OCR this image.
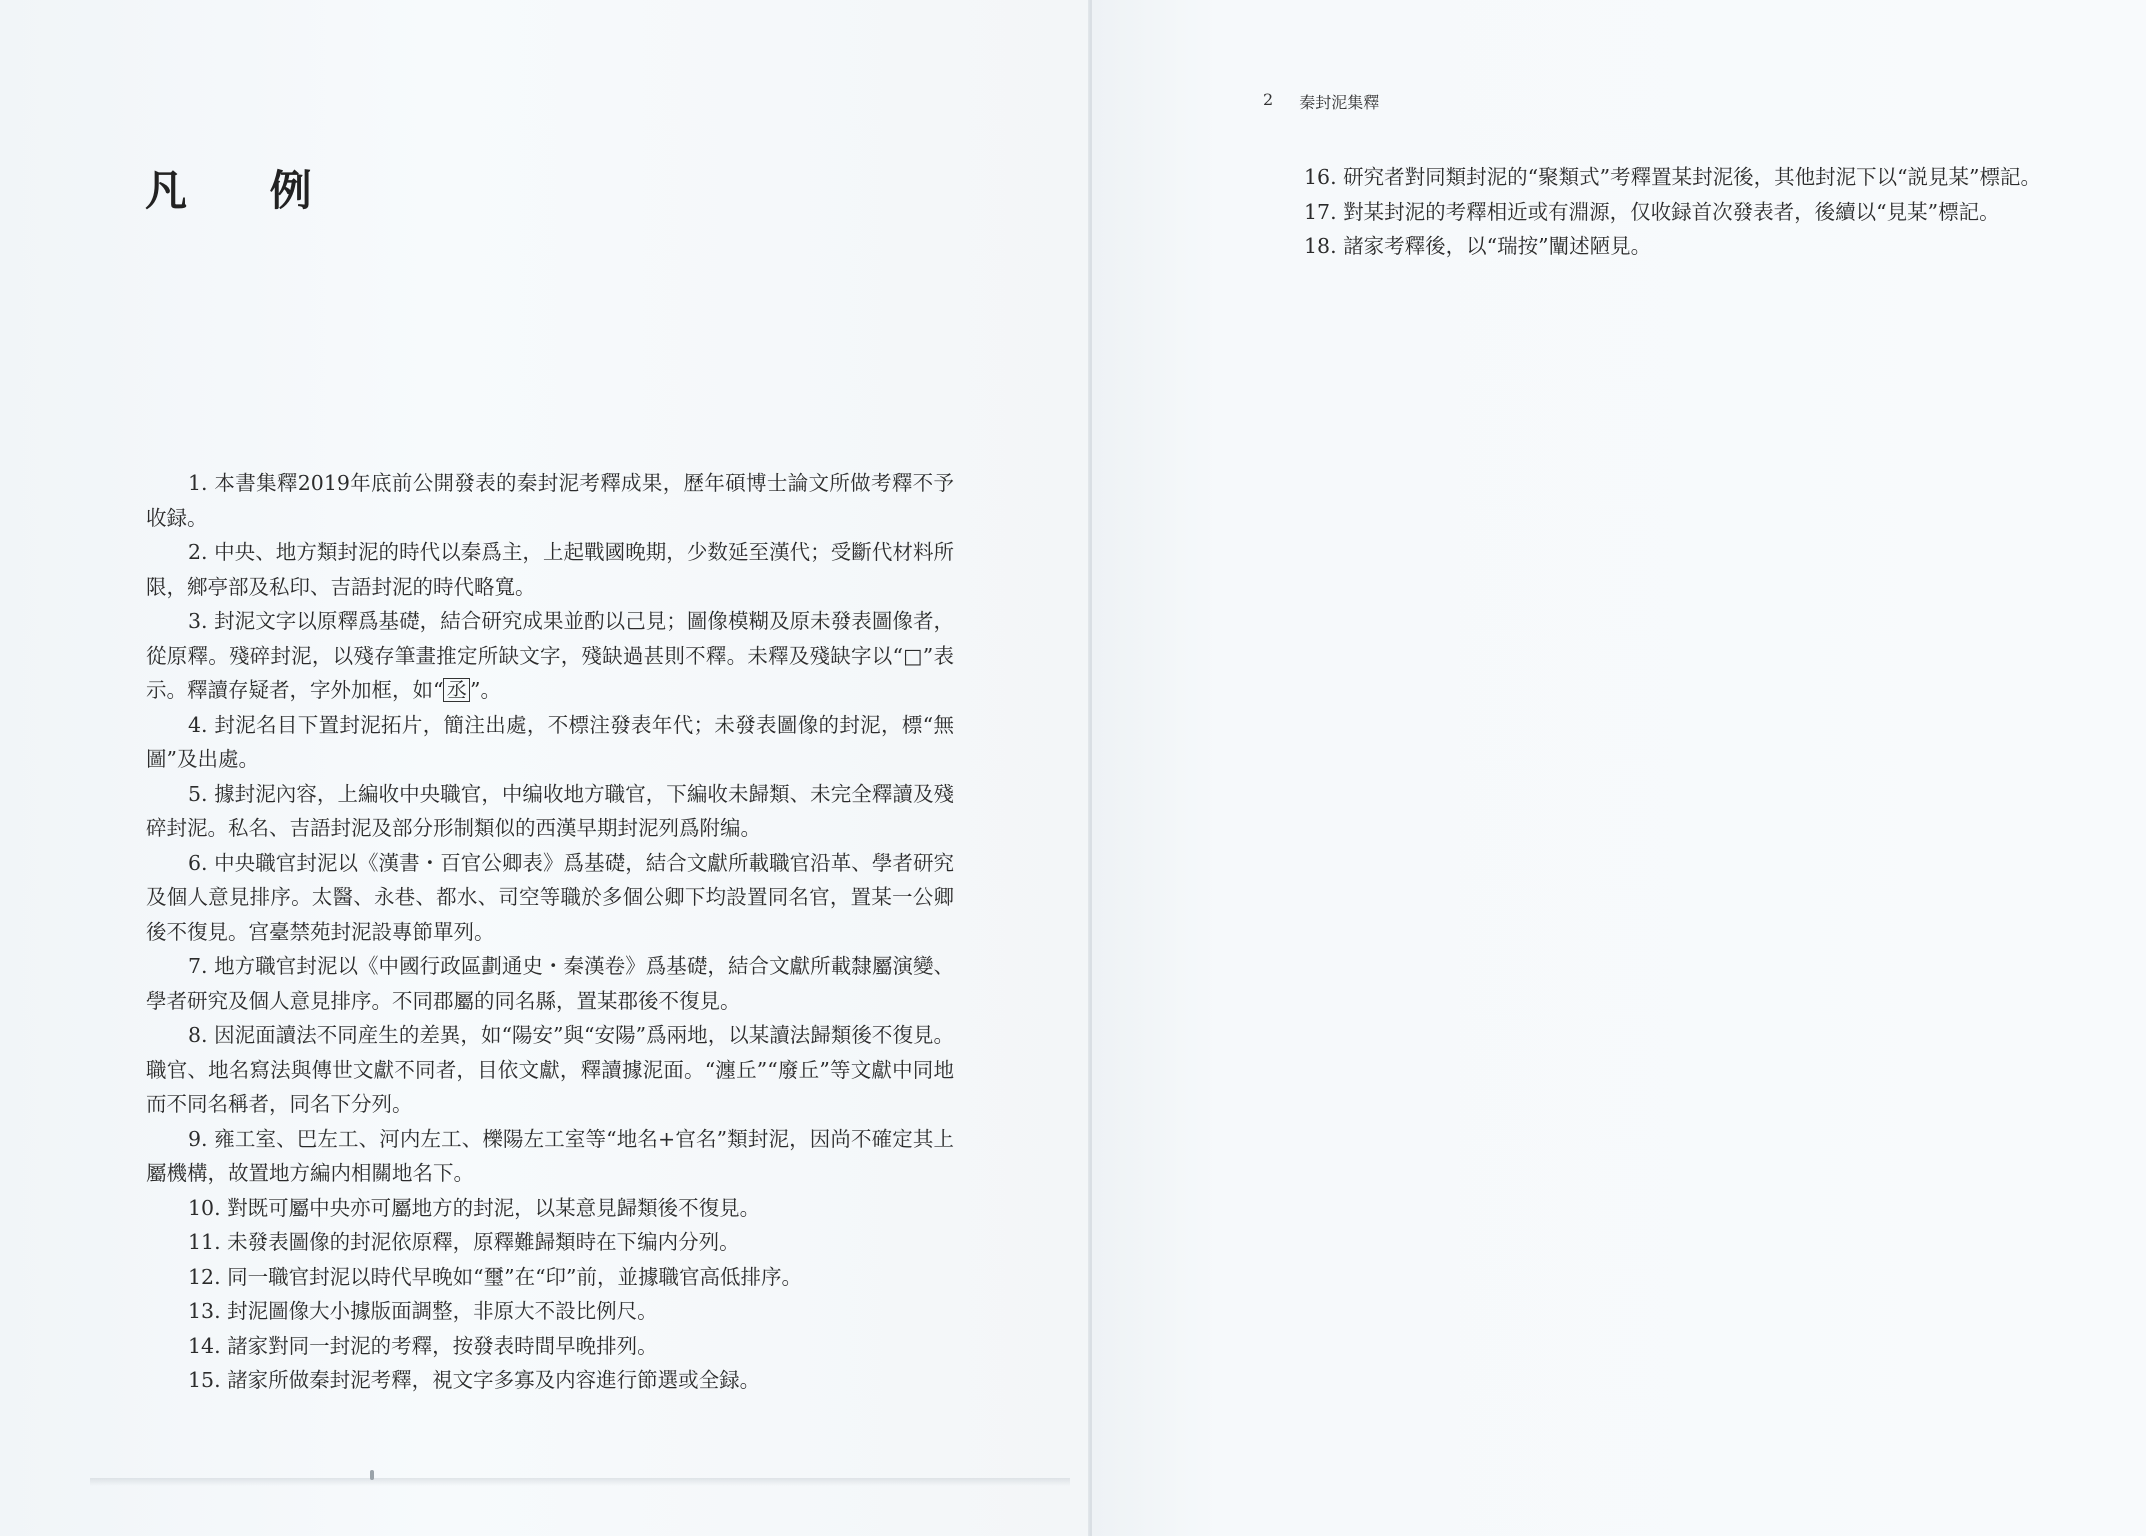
凡 例

1. 本書集釋2019年底前公開發表的秦封泥考釋成果，歷年碩博士論文所做考釋不予收録。

2. 中央、地方類封泥的時代以秦爲主，上起戰國晚期，少数延至漢代；受斷代材料所限，鄉亭部及私印、吉語封泥的時代略寬。

3. 封泥文字以原釋爲基礎，結合研究成果並酌以己見；圖像模糊及原未發表圖像者，從原釋。殘碎封泥，以殘存筆畫推定所缺文字，殘缺過甚則不釋。未釋及殘缺字以“□”表示。釋讀存疑者，字外加框，如“ 丞 ”。

4. 封泥名目下置封泥拓片，簡注出處，不標注發表年代；未發表圖像的封泥，標“無圖”及出處。

5. 據封泥內容，上編收中央職官，中编收地方職官，下編收未歸類、未完全釋讀及殘碎封泥。私名、吉語封泥及部分形制類似的西漢早期封泥列爲附编。

6. 中央職官封泥以《漢書・百官公卿表》爲基礎，結合文獻所載職官沿革、學者研究及個人意見排序。太醫、永巷、都水、司空等職於多個公卿下均設置同名官，置某一公卿後不復見。宫臺禁苑封泥設專節單列。

7. 地方職官封泥以《中國行政區劃通史・秦漢卷》爲基礎，結合文獻所載隸屬演變、學者研究及個人意見排序。不同郡屬的同名縣，置某郡後不復見。

8. 因泥面讀法不同産生的差異，如“陽安”與“安陽”爲兩地，以某讀法歸類後不復見。職官、地名寫法與傳世文獻不同者，目依文獻，釋讀據泥面。“瀍丘”“廢丘”等文獻中同地而不同名稱者，同名下分列。

9. 雍工室、巴左工、河内左工、櫟陽左工室等“地名+官名”類封泥，因尚不確定其上屬機構，故置地方編内相關地名下。

10. 對既可屬中央亦可屬地方的封泥，以某意見歸類後不復見。

11. 未發表圖像的封泥依原釋，原釋難歸類時在下编内分列。

12. 同一職官封泥以時代早晚如“璽”在“印”前，並據職官高低排序。

13. 封泥圖像大小據版面調整，非原大不設比例尺。

14. 諸家對同一封泥的考釋，按發表時間早晚排列。

15. 諸家所做秦封泥考釋，視文字多寡及内容進行節選或全録。

2 秦封泥集釋

16. 研究者對同類封泥的“聚類式”考釋置某封泥後，其他封泥下以“説見某”標記。

17. 對某封泥的考釋相近或有淵源，仅收録首次發表者，後續以“見某”標記。

18. 諸家考釋後，以“瑞按”闡述陋見。
